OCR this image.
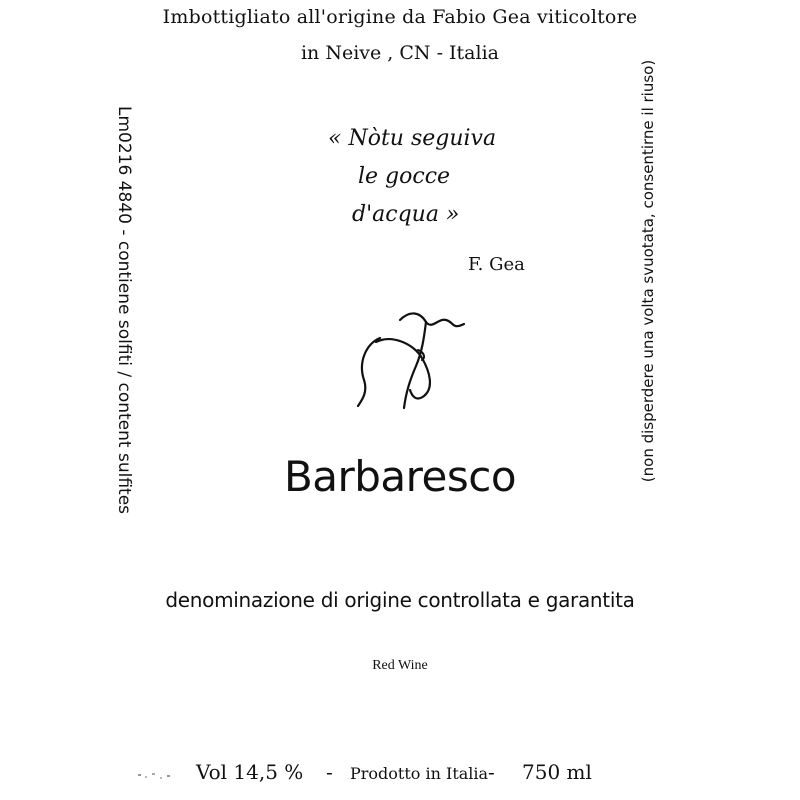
Imbottigliato all'origine da Fabio Gea viticoltore
in Neive , CN - Italia
« Nòtu seguiva
le gocce
d'acqua »
F. Gea
Barbaresco
denominazione di origine controllata e garantita
Red Wine
Vol 14,5 % - Prodotto in Italia - 750 ml
Lm0216 4840 - contiene solfiti / content sulfites	(non disperdere una volta svuotata, consentirne il riuso)
